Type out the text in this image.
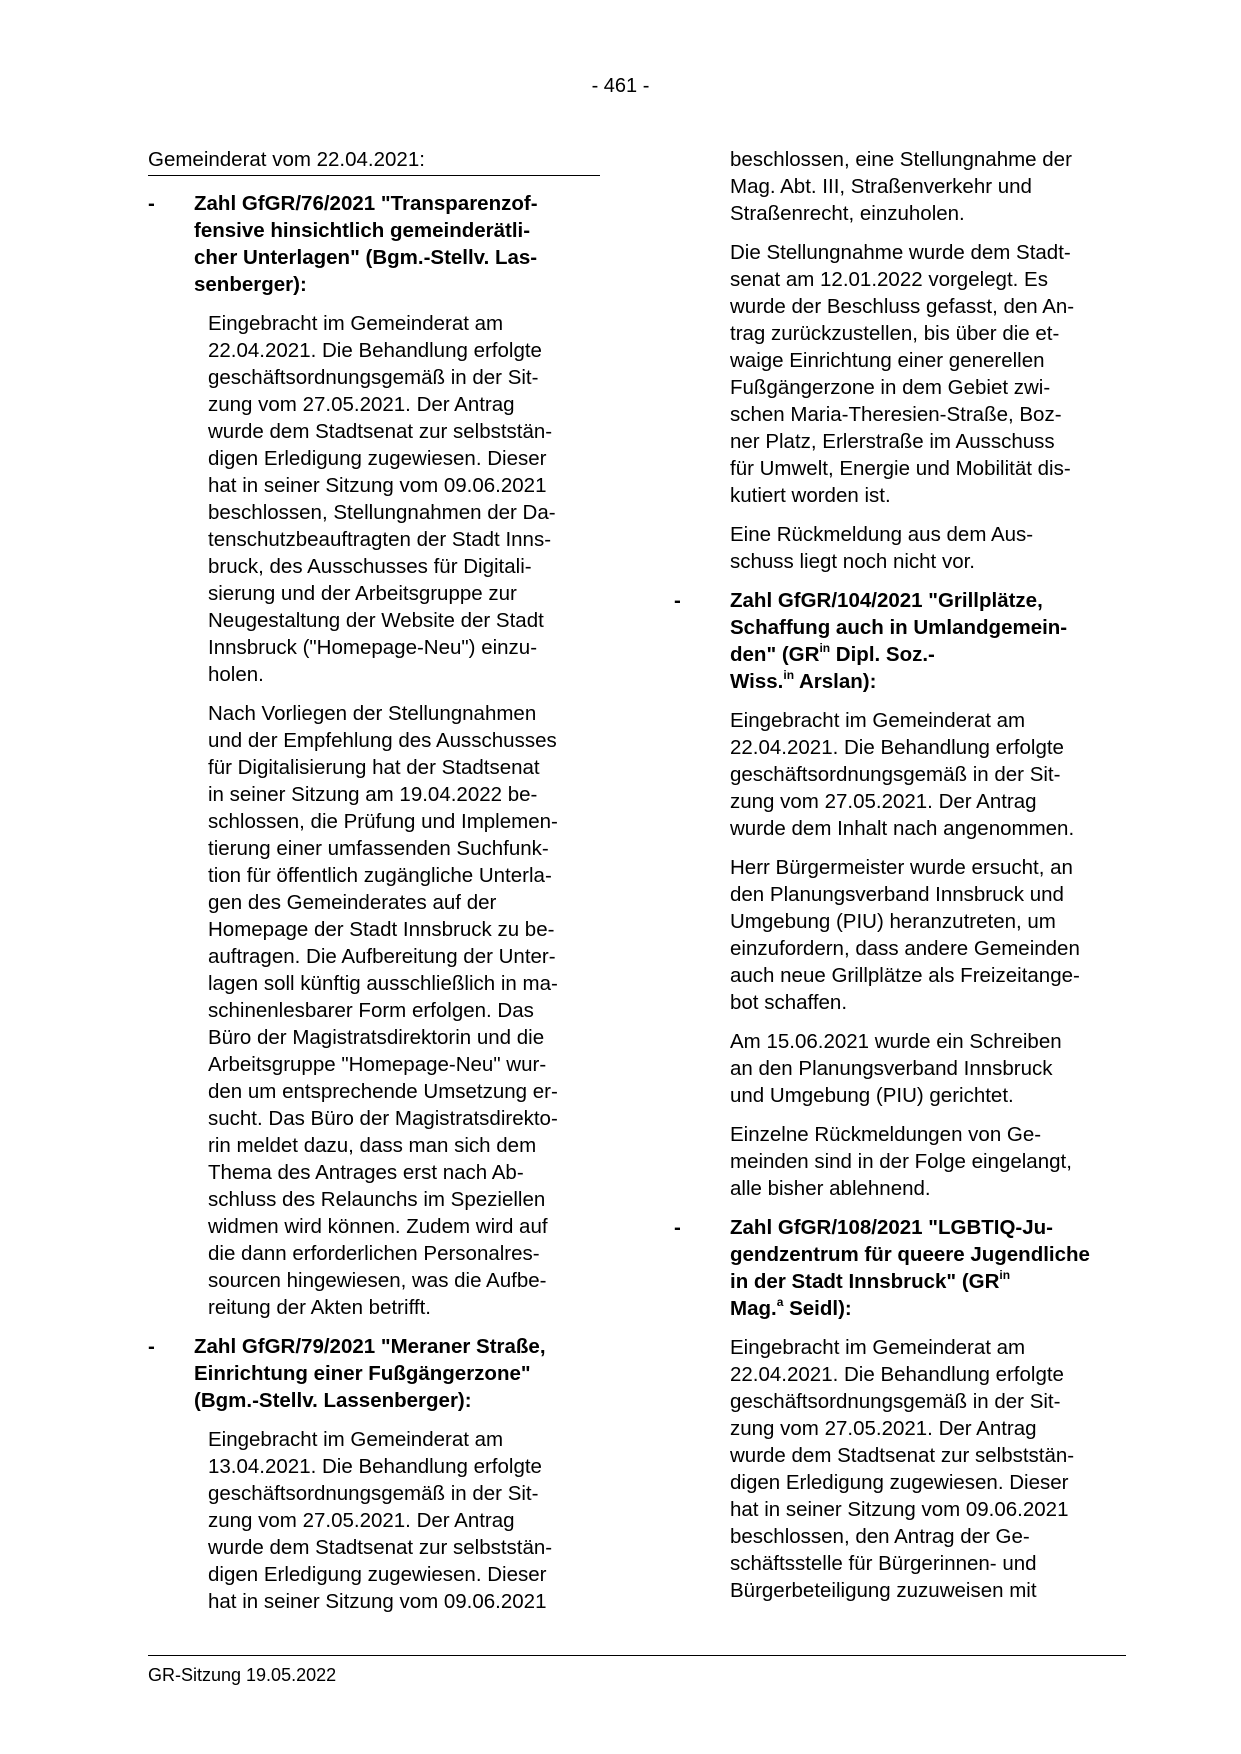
- 461 -
Gemeinderat vom 22.04.2021:
- Zahl GfGR/76/2021 "Transparenzof-
fensive hinsichtlich gemeinderätli-
cher Unterlagen" (Bgm.-Stellv. Las-
senberger):
Eingebracht im Gemeinderat am
22.04.2021. Die Behandlung erfolgte
geschäftsordnungsgemäß in der Sit-
zung vom 27.05.2021. Der Antrag
wurde dem Stadtsenat zur selbststän-
digen Erledigung zugewiesen. Dieser
hat in seiner Sitzung vom 09.06.2021
beschlossen, Stellungnahmen der Da-
tenschutzbeauftragten der Stadt Inns-
bruck, des Ausschusses für Digitali-
sierung und der Arbeitsgruppe zur
Neugestaltung der Website der Stadt
Innsbruck ("Homepage-Neu") einzu-
holen.
Nach Vorliegen der Stellungnahmen
und der Empfehlung des Ausschusses
für Digitalisierung hat der Stadtsenat
in seiner Sitzung am 19.04.2022 be-
schlossen, die Prüfung und Implemen-
tierung einer umfassenden Suchfunk-
tion für öffentlich zugängliche Unterla-
gen des Gemeinderates auf der
Homepage der Stadt Innsbruck zu be-
auftragen. Die Aufbereitung der Unter-
lagen soll künftig ausschließlich in ma-
schinenlesbarer Form erfolgen. Das
Büro der Magistratsdirektorin und die
Arbeitsgruppe "Homepage-Neu" wur-
den um entsprechende Umsetzung er-
sucht. Das Büro der Magistratsdirekto-
rin meldet dazu, dass man sich dem
Thema des Antrages erst nach Ab-
schluss des Relaunchs im Speziellen
widmen wird können. Zudem wird auf
die dann erforderlichen Personalres-
sourcen hingewiesen, was die Aufbe-
reitung der Akten betrifft.
- Zahl GfGR/79/2021 "Meraner Straße,
Einrichtung einer Fußgängerzone"
(Bgm.-Stellv. Lassenberger):
Eingebracht im Gemeinderat am
13.04.2021. Die Behandlung erfolgte
geschäftsordnungsgemäß in der Sit-
zung vom 27.05.2021. Der Antrag
wurde dem Stadtsenat zur selbststän-
digen Erledigung zugewiesen. Dieser
hat in seiner Sitzung vom 09.06.2021
beschlossen, eine Stellungnahme der
Mag. Abt. III, Straßenverkehr und
Straßenrecht, einzuholen.
Die Stellungnahme wurde dem Stadt-
senat am 12.01.2022 vorgelegt. Es
wurde der Beschluss gefasst, den An-
trag zurückzustellen, bis über die et-
waige Einrichtung einer generellen
Fußgängerzone in dem Gebiet zwi-
schen Maria-Theresien-Straße, Boz-
ner Platz, Erlerstraße im Ausschuss
für Umwelt, Energie und Mobilität dis-
kutiert worden ist.
Eine Rückmeldung aus dem Aus-
schuss liegt noch nicht vor.
- Zahl GfGR/104/2021 "Grillplätze,
Schaffung auch in Umlandgemein-
den" ($GR^{in}$ Dipl. Soz.-
Wiss.$^{in}$ Arslan):
Eingebracht im Gemeinderat am
22.04.2021. Die Behandlung erfolgte
geschäftsordnungsgemäß in der Sit-
zung vom 27.05.2021. Der Antrag
wurde dem Inhalt nach angenommen.
Herr Bürgermeister wurde ersucht, an
den Planungsverband Innsbruck und
Umgebung (PIU) heranzutreten, um
einzufordern, dass andere Gemeinden
auch neue Grillplätze als Freizeitange-
bot schaffen.
Am 15.06.2021 wurde ein Schreiben
an den Planungsverband Innsbruck
und Umgebung (PIU) gerichtet.
Einzelne Rückmeldungen von Ge-
meinden sind in der Folge eingelangt,
alle bisher ablehnend.
- Zahl GfGR/108/2021 "LGBTIQ-Ju-
gendzentrum für queere Jugendliche
in der Stadt Innsbruck" ($GR^{in}$
Mag.$^a$ Seidl):
Eingebracht im Gemeinderat am
22.04.2021. Die Behandlung erfolgte
geschäftsordnungsgemäß in der Sit-
zung vom 27.05.2021. Der Antrag
wurde dem Stadtsenat zur selbststän-
digen Erledigung zugewiesen. Dieser
hat in seiner Sitzung vom 09.06.2021
beschlossen, den Antrag der Ge-
schäftsstelle für Bürgerinnen- und
Bürgerbeteiligung zuzuweisen mit
GR-Sitzung 19.05.2022
